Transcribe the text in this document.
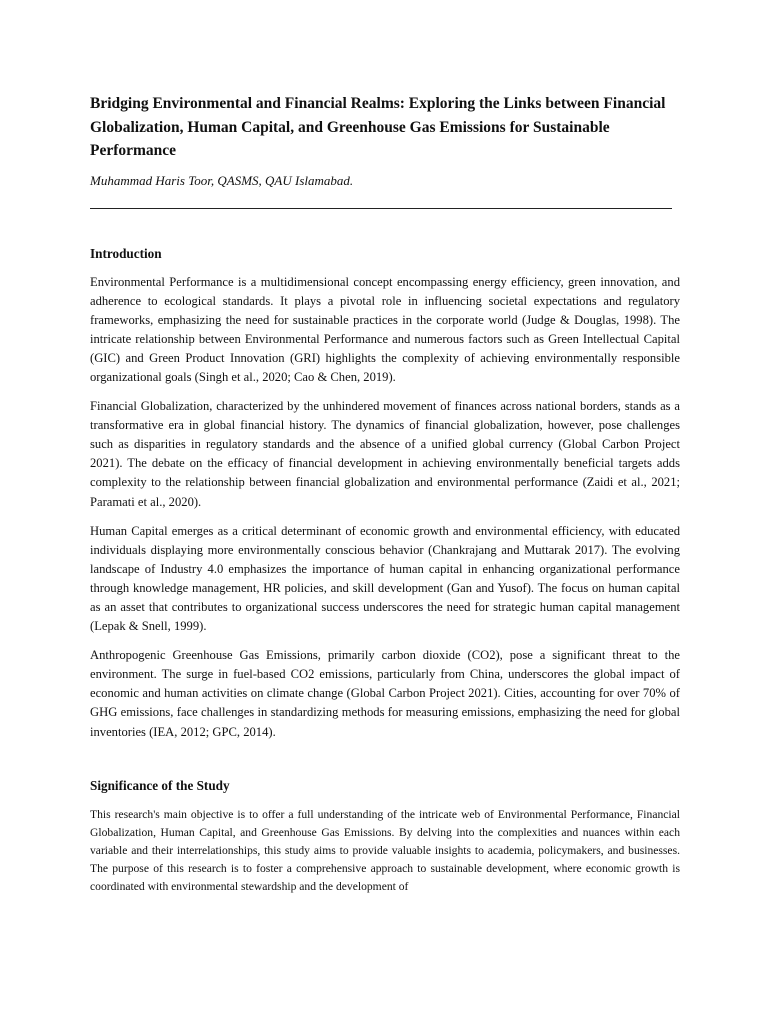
Bridging Environmental and Financial Realms: Exploring the Links between Financial Globalization, Human Capital, and Greenhouse Gas Emissions for Sustainable Performance

Muhammad Haris Toor, QASMS, QAU Islamabad.

Introduction

Environmental Performance is a multidimensional concept encompassing energy efficiency, green innovation, and adherence to ecological standards. It plays a pivotal role in influencing societal expectations and regulatory frameworks, emphasizing the need for sustainable practices in the corporate world (Judge & Douglas, 1998). The intricate relationship between Environmental Performance and numerous factors such as Green Intellectual Capital (GIC) and Green Product Innovation (GRI) highlights the complexity of achieving environmentally responsible organizational goals (Singh et al., 2020; Cao & Chen, 2019).

Financial Globalization, characterized by the unhindered movement of finances across national borders, stands as a transformative era in global financial history. The dynamics of financial globalization, however, pose challenges such as disparities in regulatory standards and the absence of a unified global currency (Global Carbon Project 2021). The debate on the efficacy of financial development in achieving environmentally beneficial targets adds complexity to the relationship between financial globalization and environmental performance (Zaidi et al., 2021; Paramati et al., 2020).

Human Capital emerges as a critical determinant of economic growth and environmental efficiency, with educated individuals displaying more environmentally conscious behavior (Chankrajang and Muttarak 2017). The evolving landscape of Industry 4.0 emphasizes the importance of human capital in enhancing organizational performance through knowledge management, HR policies, and skill development (Gan and Yusof). The focus on human capital as an asset that contributes to organizational success underscores the need for strategic human capital management (Lepak & Snell, 1999).

Anthropogenic Greenhouse Gas Emissions, primarily carbon dioxide (CO2), pose a significant threat to the environment. The surge in fuel-based CO2 emissions, particularly from China, underscores the global impact of economic and human activities on climate change (Global Carbon Project 2021). Cities, accounting for over 70% of GHG emissions, face challenges in standardizing methods for measuring emissions, emphasizing the need for global inventories (IEA, 2012; GPC, 2014).

Significance of the Study

This research's main objective is to offer a full understanding of the intricate web of Environmental Performance, Financial Globalization, Human Capital, and Greenhouse Gas Emissions. By delving into the complexities and nuances within each variable and their interrelationships, this study aims to provide valuable insights to academia, policymakers, and businesses. The purpose of this research is to foster a comprehensive approach to sustainable development, where economic growth is coordinated with environmental stewardship and the development of
